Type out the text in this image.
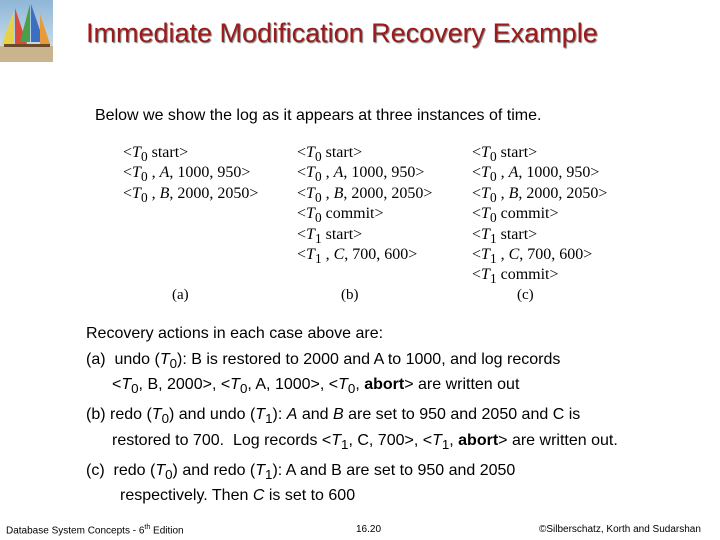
Immediate Modification Recovery Example
Below we show the log as it appears at three instances of time.
$<T_0$ start>
$<T_0$ , A, 1000, 950>
$<T_0$ , B, 2000, 2050>
$<T_0$ start>
$<T_0$ , A, 1000, 950>
$<T_0$ , B, 2000, 2050>
$<T_0$ commit>
$<T_1$ start>
$<T_1$ , C, 700, 600>
$<T_0$ start>
$<T_0$ , A, 1000, 950>
$<T_0$ , B, 2000, 2050>
$<T_0$ commit>
$<T_1$ start>
$<T_1$ , C, 700, 600>
$<T_1$ commit>
(a)	(b)	(c)

Recovery actions in each case above are:

(a)  undo $(T_0)$: B is restored to 2000 and A to 1000, and log records
$<T_0$, B, 2000>, $<T_0$, A, 1000>, $<T_0$, abort> are written out

(b) redo $(T_0)$ and undo $(T_1)$: A and B are set to 950 and 2050 and C is
restored to 700.  Log records $<T_1$, C, 700>, $<T_1$, abort> are written out.

(c)  redo $(T_0)$ and redo $(T_1)$: A and B are set to 950 and 2050
respectively. Then C is set to 600

Database System Concepts - 6th Edition	16.20	©Silberschatz, Korth and Sudarshan
